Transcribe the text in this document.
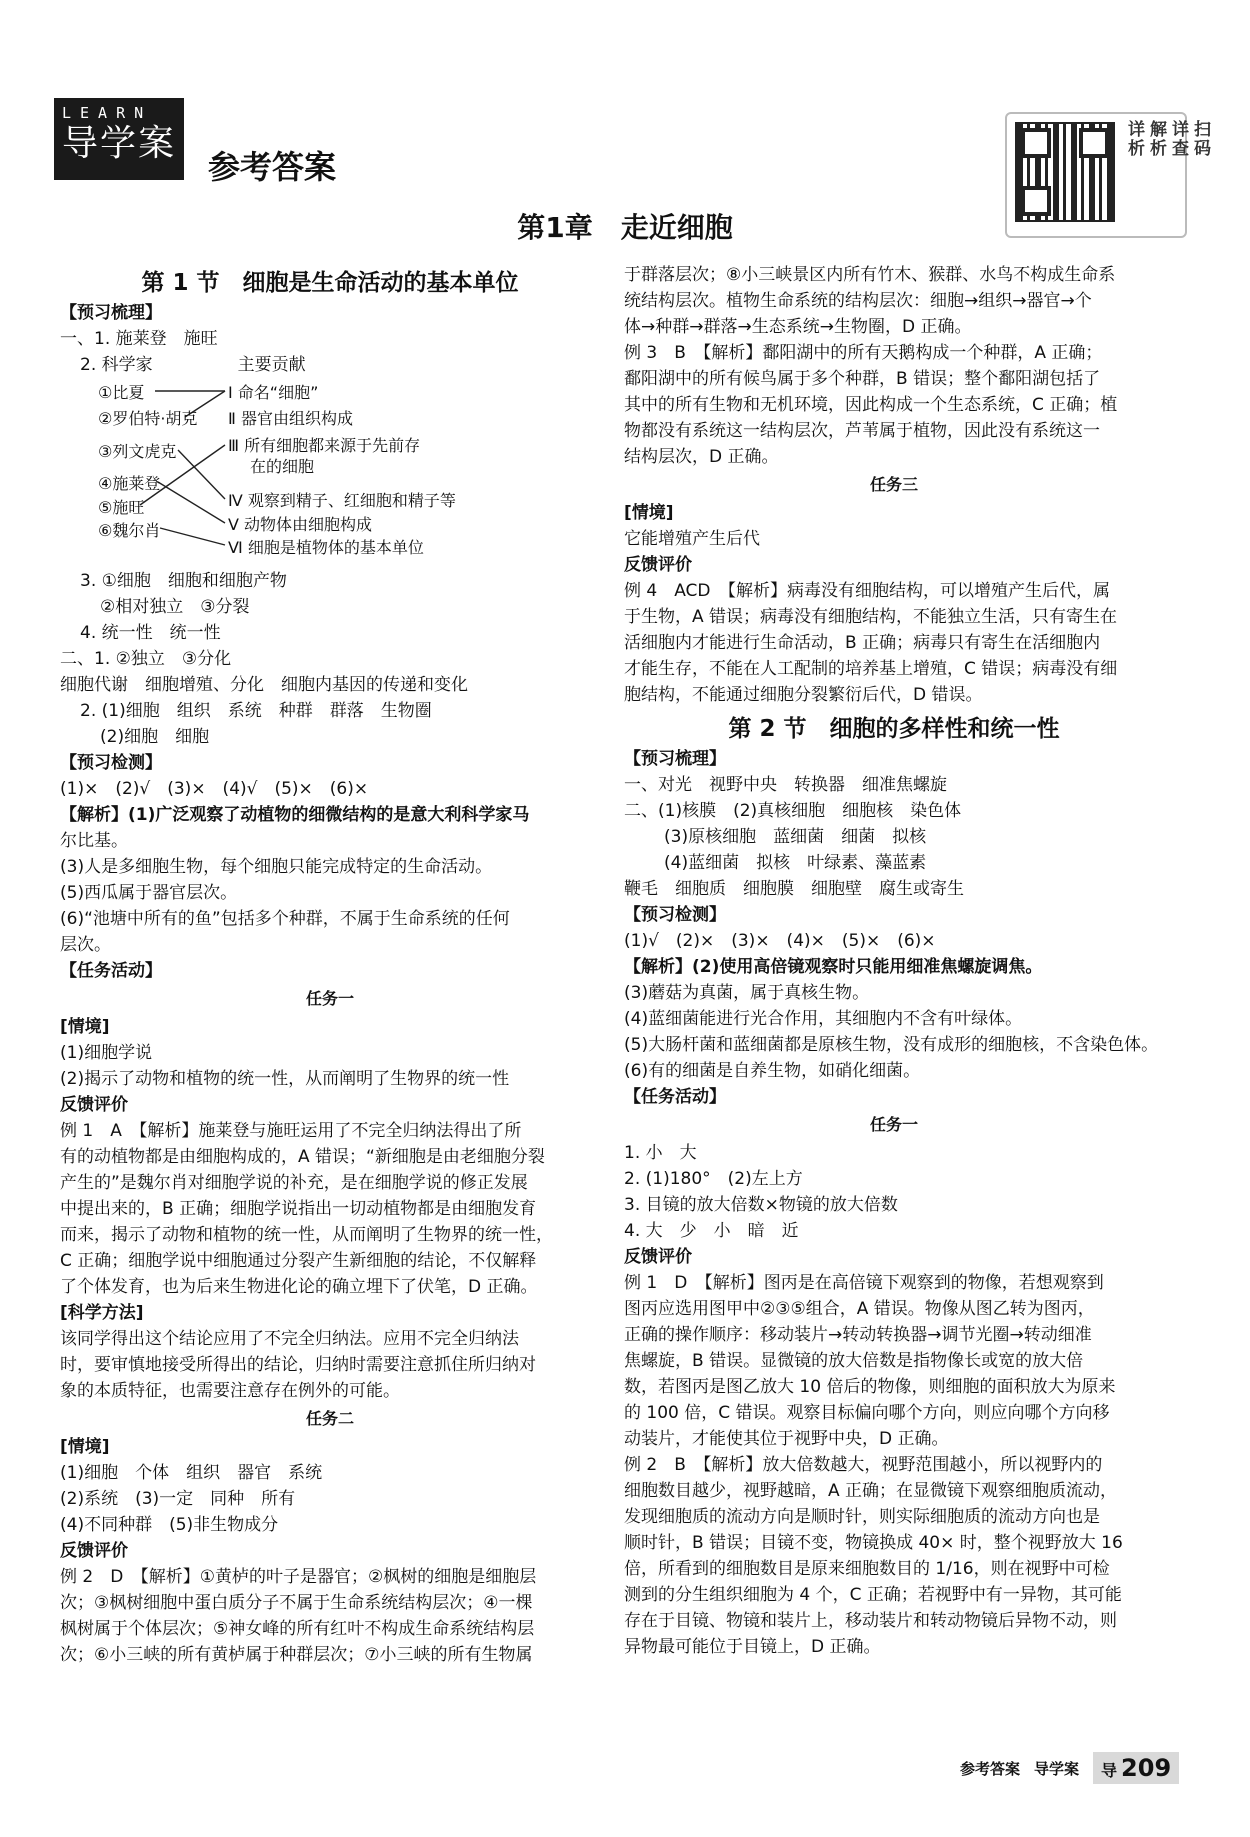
LEARN
导学案
参考答案
扫码
详查
解析
详析
第1章　走近细胞
第 1 节　细胞是生命活动的基本单位
【预习梳理】
一、1. 施莱登　施旺
2. 科学家　　　　　主要贡献
①比夏
②罗伯特·胡克
③列文虎克
④施莱登
⑤施旺
⑥魏尔肖
Ⅰ 命名“细胞”
Ⅱ 器官由组织构成
Ⅲ 所有细胞都来源于先前存
在的细胞
Ⅳ 观察到精子、红细胞和精子等
Ⅴ 动物体由细胞构成
Ⅵ 细胞是植物体的基本单位
3. ①细胞　细胞和细胞产物
②相对独立　③分裂
4. 统一性　统一性
二、1. ②独立　③分化
细胞代谢　细胞增殖、分化　细胞内基因的传递和变化
2. (1)细胞　组织　系统　种群　群落　生物圈
(2)细胞　细胞
【预习检测】
(1)×　(2)√　(3)×　(4)√　(5)×　(6)×
【解析】(1)广泛观察了动植物的细微结构的是意大利科学家马
尔比基。
(3)人是多细胞生物，每个细胞只能完成特定的生命活动。
(5)西瓜属于器官层次。
(6)“池塘中所有的鱼”包括多个种群，不属于生命系统的任何
层次。
【任务活动】
任务一
[情境]
(1)细胞学说
(2)揭示了动物和植物的统一性，从而阐明了生物界的统一性
反馈评价
例 1　A　【解析】施莱登与施旺运用了不完全归纳法得出了所
有的动植物都是由细胞构成的，A 错误；“新细胞是由老细胞分裂
产生的”是魏尔肖对细胞学说的补充，是在细胞学说的修正发展
中提出来的，B 正确；细胞学说指出一切动植物都是由细胞发育
而来，揭示了动物和植物的统一性，从而阐明了生物界的统一性，
C 正确；细胞学说中细胞通过分裂产生新细胞的结论，不仅解释
了个体发育，也为后来生物进化论的确立埋下了伏笔，D 正确。
[科学方法]
该同学得出这个结论应用了不完全归纳法。应用不完全归纳法
时，要审慎地接受所得出的结论，归纳时需要注意抓住所归纳对
象的本质特征，也需要注意存在例外的可能。
任务二
[情境]
(1)细胞　个体　组织　器官　系统
(2)系统　(3)一定　同种　所有
(4)不同种群　(5)非生物成分
反馈评价
例 2　D　【解析】①黄栌的叶子是器官；②枫树的细胞是细胞层
次；③枫树细胞中蛋白质分子不属于生命系统结构层次；④一棵
枫树属于个体层次；⑤神女峰的所有红叶不构成生命系统结构层
次；⑥小三峡的所有黄栌属于种群层次；⑦小三峡的所有生物属
于群落层次；⑧小三峡景区内所有竹木、猴群、水鸟不构成生命系
统结构层次。植物生命系统的结构层次：细胞→组织→器官→个
体→种群→群落→生态系统→生物圈，D 正确。
例 3　B　【解析】鄱阳湖中的所有天鹅构成一个种群，A 正确；
鄱阳湖中的所有候鸟属于多个种群，B 错误；整个鄱阳湖包括了
其中的所有生物和无机环境，因此构成一个生态系统，C 正确；植
物都没有系统这一结构层次，芦苇属于植物，因此没有系统这一
结构层次，D 正确。
任务三
[情境]
它能增殖产生后代
反馈评价
例 4　ACD　【解析】病毒没有细胞结构，可以增殖产生后代，属
于生物，A 错误；病毒没有细胞结构，不能独立生活，只有寄生在
活细胞内才能进行生命活动，B 正确；病毒只有寄生在活细胞内
才能生存，不能在人工配制的培养基上增殖，C 错误；病毒没有细
胞结构，不能通过细胞分裂繁衍后代，D 错误。
第 2 节　细胞的多样性和统一性
【预习梳理】
一、对光　视野中央　转换器　细准焦螺旋
二、(1)核膜　(2)真核细胞　细胞核　染色体
(3)原核细胞　蓝细菌　细菌　拟核
(4)蓝细菌　拟核　叶绿素、藻蓝素
鞭毛　细胞质　细胞膜　细胞壁　腐生或寄生
【预习检测】
(1)√　(2)×　(3)×　(4)×　(5)×　(6)×
【解析】(2)使用高倍镜观察时只能用细准焦螺旋调焦。
(3)蘑菇为真菌，属于真核生物。
(4)蓝细菌能进行光合作用，其细胞内不含有叶绿体。
(5)大肠杆菌和蓝细菌都是原核生物，没有成形的细胞核，不含染色体。
(6)有的细菌是自养生物，如硝化细菌。
【任务活动】
任务一
1. 小　大
2. (1)180°　(2)左上方
3. 目镜的放大倍数×物镜的放大倍数
4. 大　少　小　暗　近
反馈评价
例 1　D　【解析】图丙是在高倍镜下观察到的物像，若想观察到
图丙应选用图甲中②③⑤组合，A 错误。物像从图乙转为图丙，
正确的操作顺序：移动装片→转动转换器→调节光圈→转动细准
焦螺旋，B 错误。显微镜的放大倍数是指物像长或宽的放大倍
数，若图丙是图乙放大 10 倍后的物像，则细胞的面积放大为原来
的 100 倍，C 错误。观察目标偏向哪个方向，则应向哪个方向移
动装片，才能使其位于视野中央，D 正确。
例 2　B　【解析】放大倍数越大，视野范围越小，所以视野内的
细胞数目越少，视野越暗，A 正确；在显微镜下观察细胞质流动，
发现细胞质的流动方向是顺时针，则实际细胞质的流动方向也是
顺时针，B 错误；目镜不变，物镜换成 40× 时，整个视野放大 16
倍，所看到的细胞数目是原来细胞数目的 1/16，则在视野中可检
测到的分生组织细胞为 4 个，C 正确；若视野中有一异物，其可能
存在于目镜、物镜和装片上，移动装片和转动物镜后异物不动，则
异物最可能位于目镜上，D 正确。
参考答案 导学案	导 209
